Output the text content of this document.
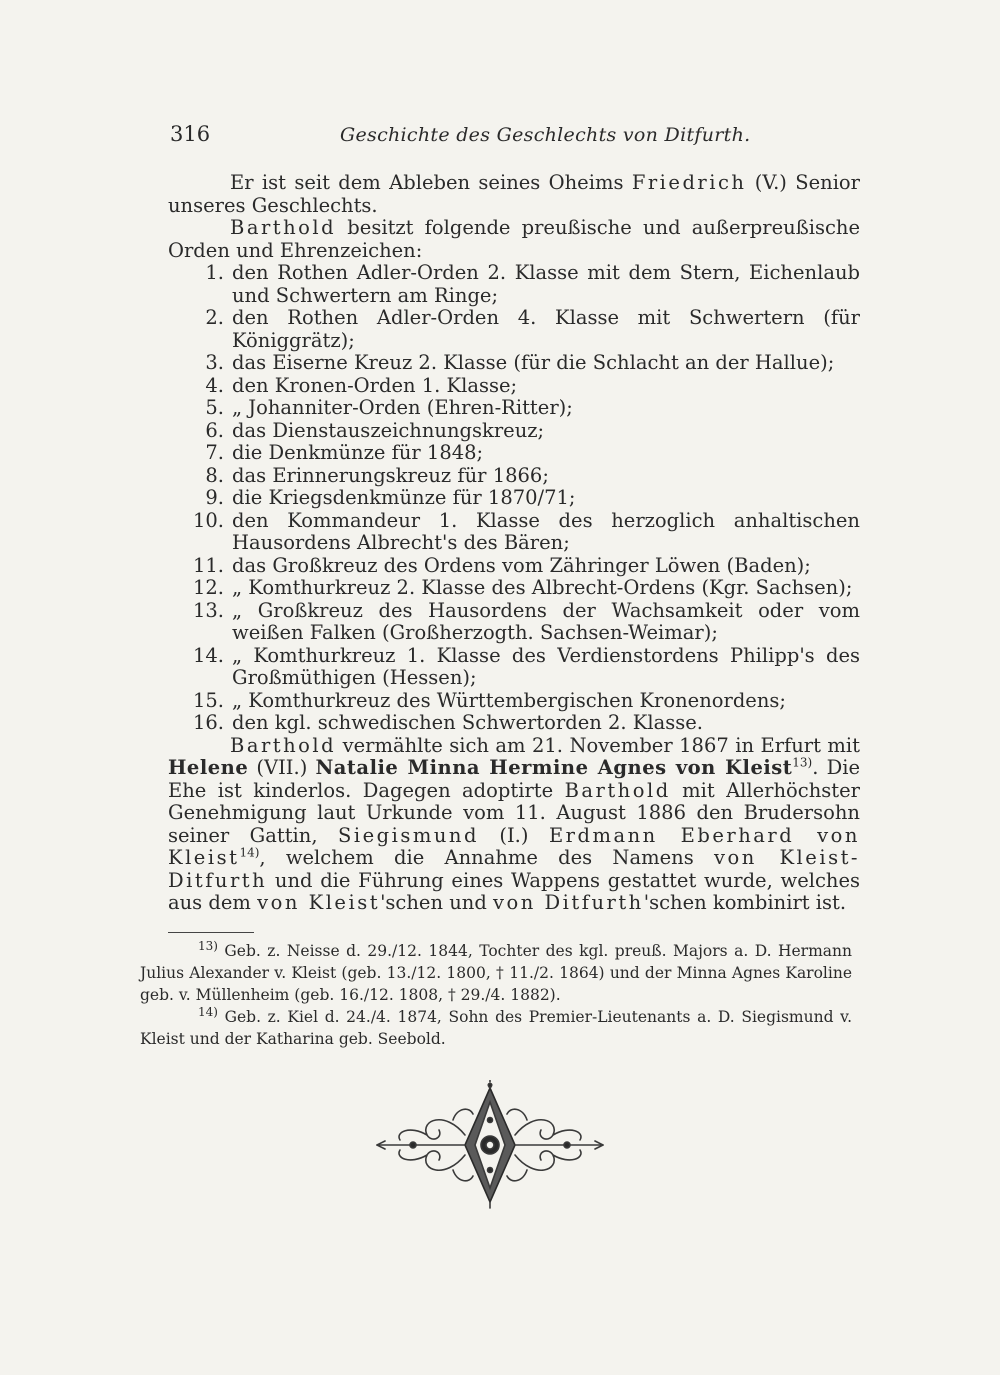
316	Geschichte des Geschlechts von Ditfurth.

Er ist seit dem Ableben seines Oheims Friedrich (V.) Senior unseres Geschlechts.

Barthold besitzt folgende preußische und außerpreußische Orden und Ehrenzeichen:

1. den Rothen Adler-Orden 2. Klasse mit dem Stern, Eichenlaub und Schwertern am Ringe;
2. den Rothen Adler-Orden 4. Klasse mit Schwertern (für Königgrätz);
3. das Eiserne Kreuz 2. Klasse (für die Schlacht an der Hallue);
4. den Kronen-Orden 1. Klasse;
5. „ Johanniter-Orden (Ehren-Ritter);
6. das Dienstauszeichnungskreuz;
7. die Denkmünze für 1848;
8. das Erinnerungskreuz für 1866;
9. die Kriegsdenkmünze für 1870/71;
10. den Kommandeur 1. Klasse des herzoglich anhaltischen Hausordens Albrecht's des Bären;
11. das Großkreuz des Ordens vom Zähringer Löwen (Baden);
12. „ Komthurkreuz 2. Klasse des Albrecht-Ordens (Kgr. Sachsen);
13. „ Großkreuz des Hausordens der Wachsamkeit oder vom weißen Falken (Großherzogth. Sachsen-Weimar);
14. „ Komthurkreuz 1. Klasse des Verdienstordens Philipp's des Großmüthigen (Hessen);
15. „ Komthurkreuz des Württembergischen Kronenordens;
16. den kgl. schwedischen Schwertorden 2. Klasse.

Barthold vermählte sich am 21. November 1867 in Erfurt mit Helene (VII.) Natalie Minna Hermine Agnes von Kleist$^{13)}$. Die Ehe ist kinderlos. Dagegen adoptirte Barthold mit Allerhöchster Genehmigung laut Urkunde vom 11. August 1886 den Brudersohn seiner Gattin, Siegismund (I.) Erdmann Eberhard von Kleist$^{14)}$, welchem die Annahme des Namens von Kleist-Ditfurth und die Führung eines Wappens gestattet wurde, welches aus dem von Kleist'schen und von Ditfurth'schen kombinirt ist.

$^{13)}$ Geb. z. Neisse d. 29./12. 1844, Tochter des kgl. preuß. Majors a. D. Hermann Julius Alexander v. Kleist (geb. 13./12. 1800, † 11./2. 1864) und der Minna Agnes Karoline geb. v. Müllenheim (geb. 16./12. 1808, † 29./4. 1882).

$^{14)}$ Geb. z. Kiel d. 24./4. 1874, Sohn des Premier-Lieutenants a. D. Siegismund v. Kleist und der Katharina geb. Seebold.
